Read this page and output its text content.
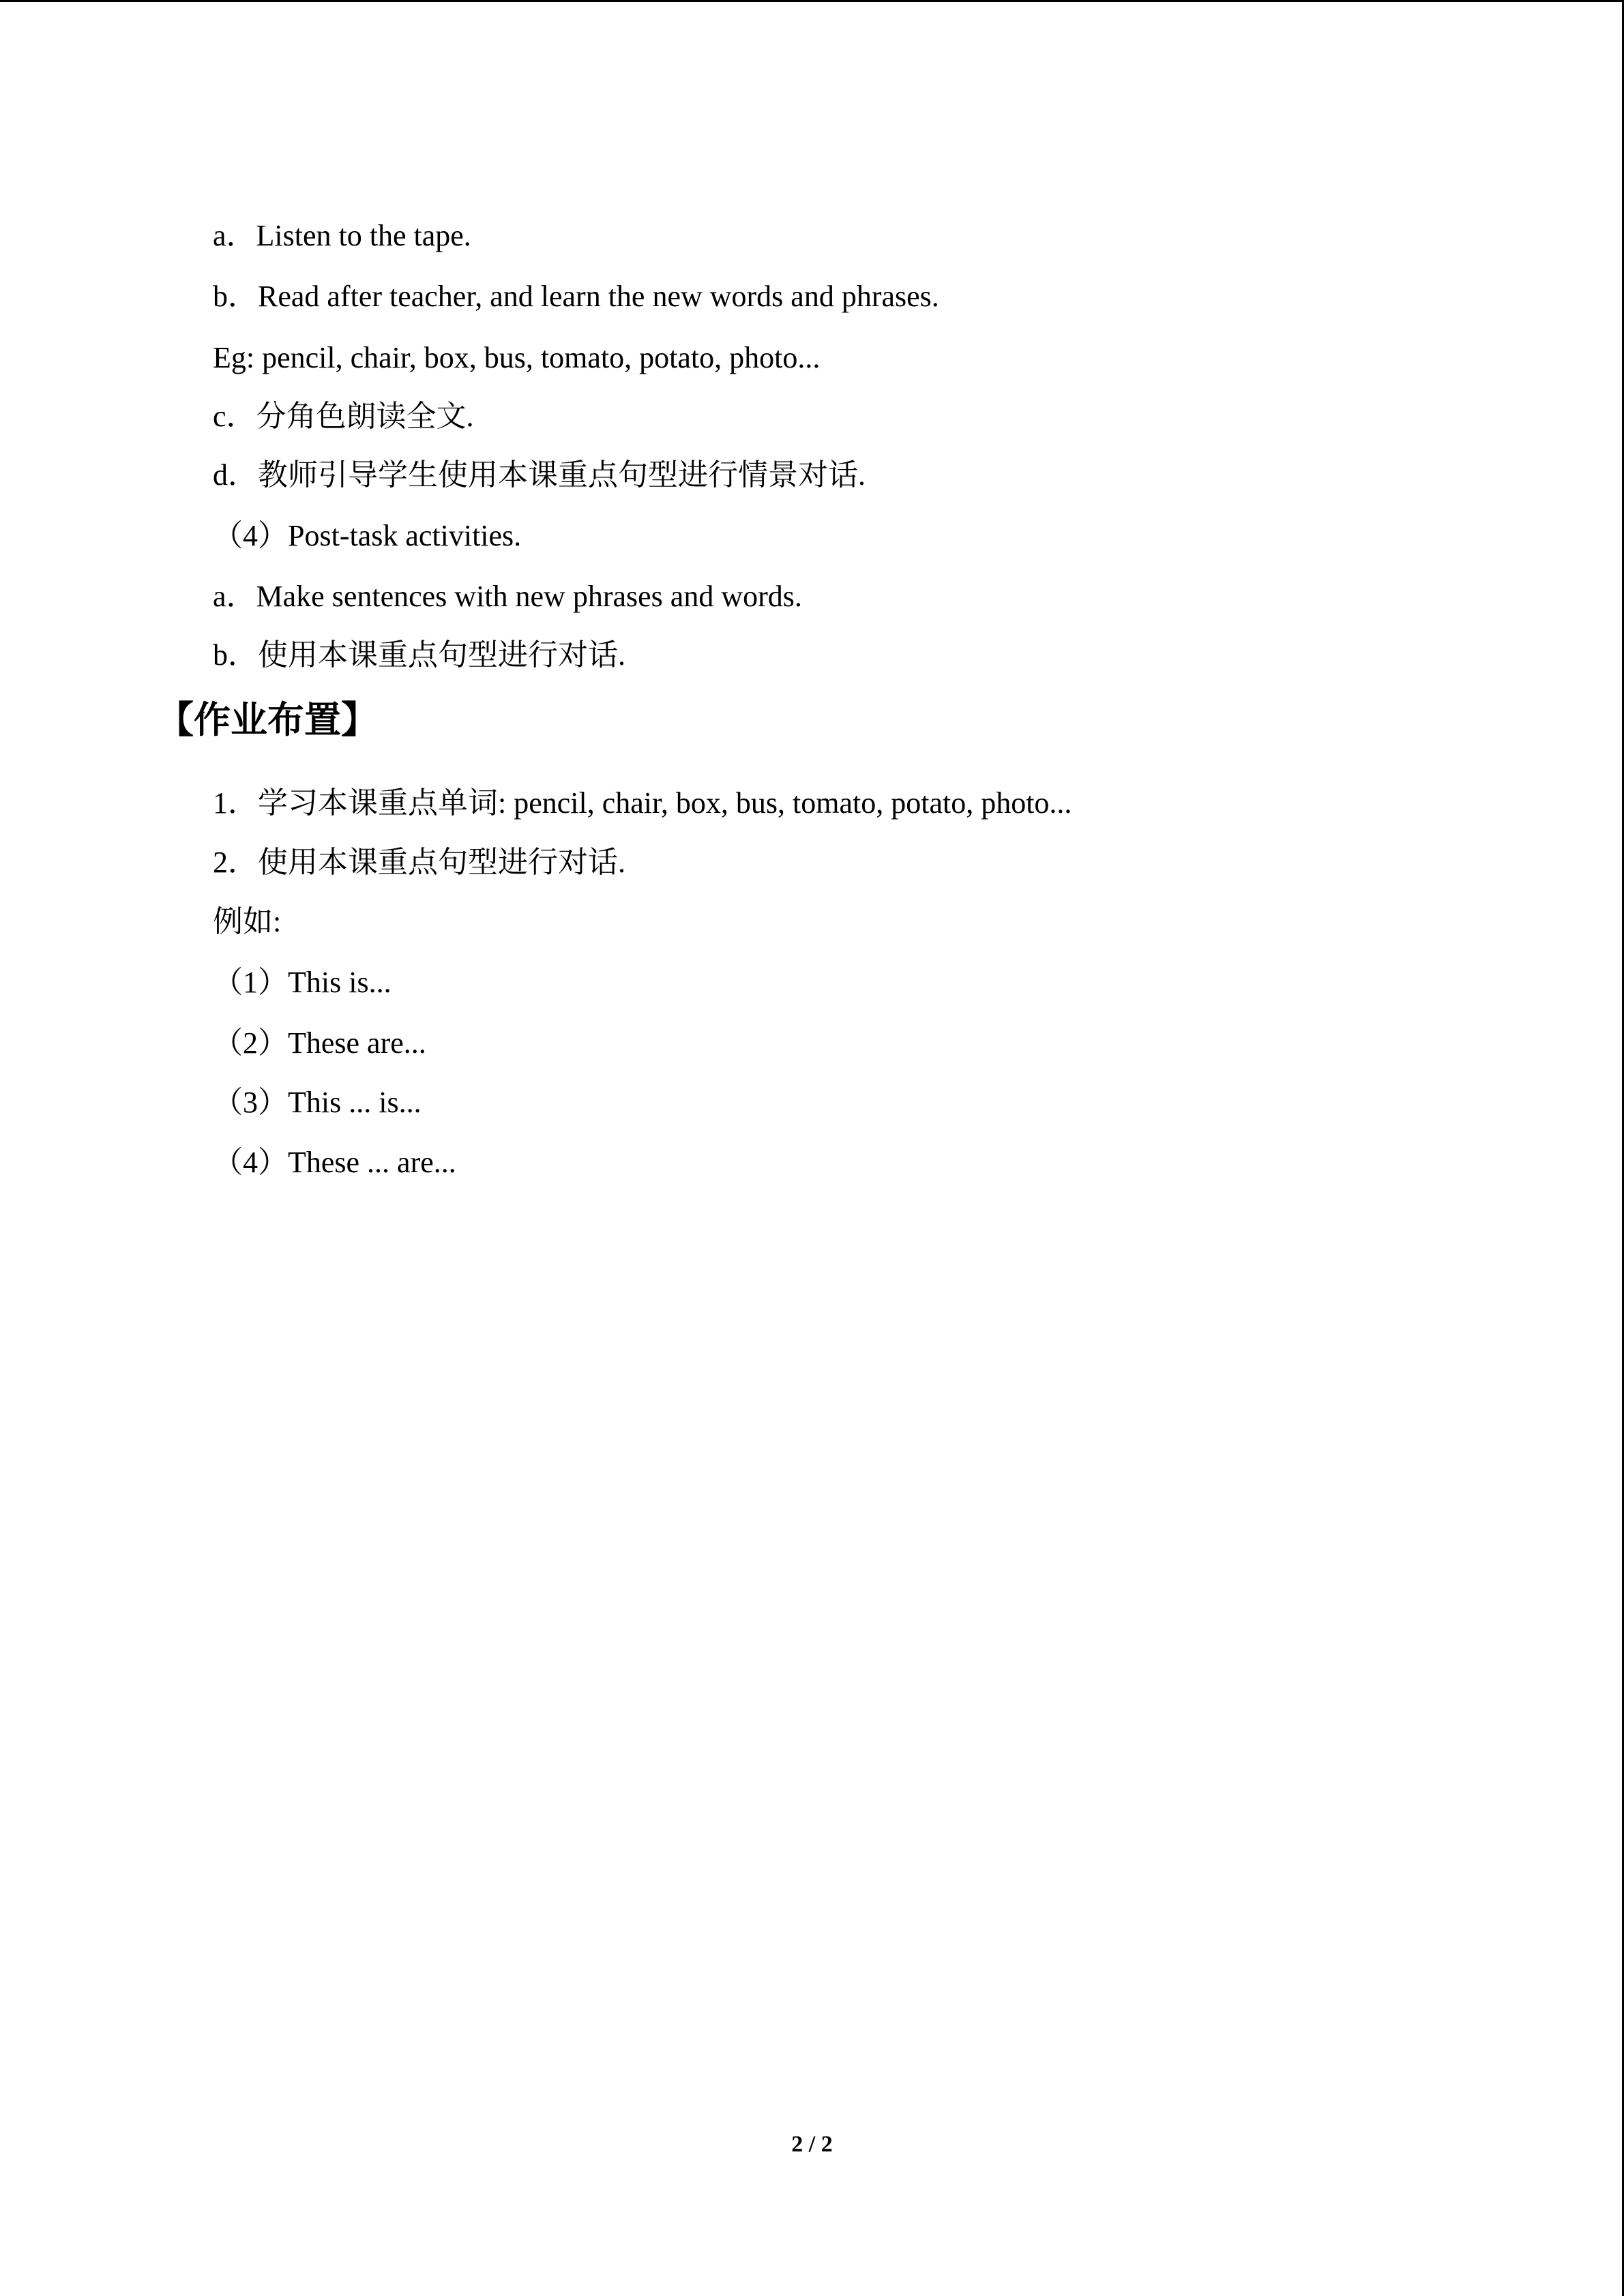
a．Listen to the tape.
b．Read after teacher, and learn the new words and phrases.
Eg: pencil, chair, box, bus, tomato, potato, photo...
c．分角色朗读全文.
d．教师引导学生使用本课重点句型进行情景对话.
（4）Post-task activities.
a．Make sentences with new phrases and words.
b．使用本课重点句型进行对话.
【作业布置】
1．学习本课重点单词: pencil, chair, box, bus, tomato, potato, photo...
2．使用本课重点句型进行对话.
例如:
（1）This is...
（2）These are...
（3）This ... is...
（4）These ... are...
2 / 2
